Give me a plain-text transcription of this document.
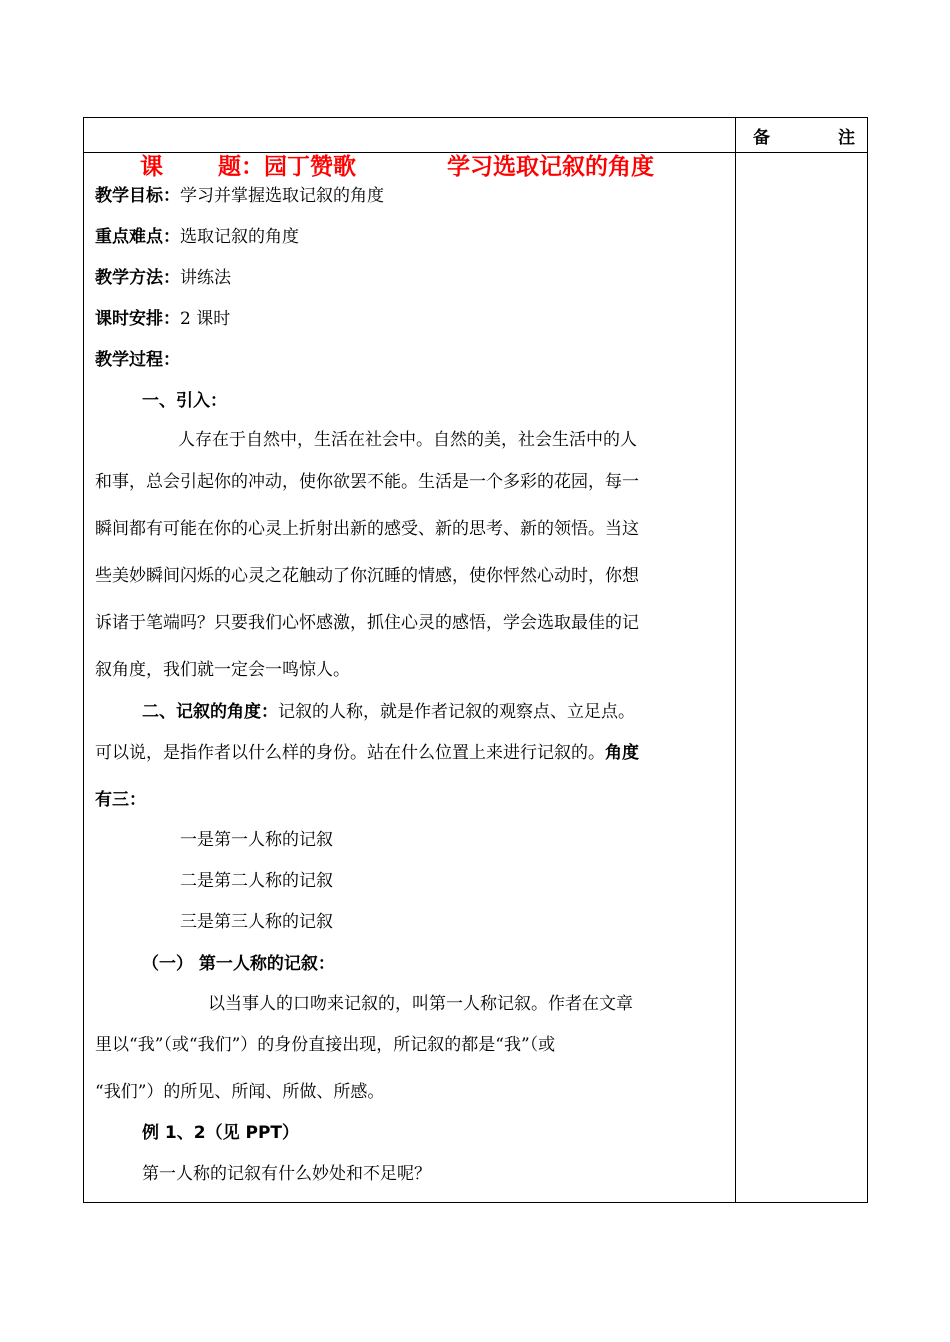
备	注
课 题：园丁赞歌	学习选取记叙的角度
教学目标：学习并掌握选取记叙的角度
重点难点：选取记叙的角度
教学方法：讲练法
课时安排：2 课时
教学过程：
一、引入：
人存在于自然中，生活在社会中。自然的美，社会生活中的人
和事，总会引起你的冲动，使你欲罢不能。生活是一个多彩的花园，每一
瞬间都有可能在你的心灵上折射出新的感受、新的思考、新的领悟。当这
些美妙瞬间闪烁的心灵之花触动了你沉睡的情感，使你怦然心动时，你想
诉诸于笔端吗？只要我们心怀感激，抓住心灵的感悟，学会选取最佳的记
叙角度，我们就一定会一鸣惊人。
二、记叙的角度：记叙的人称，就是作者记叙的观察点、立足点。
可以说，是指作者以什么样的身份。站在什么位置上来进行记叙的。角度
有三：
一是第一人称的记叙
二是第二人称的记叙
三是第三人称的记叙
（一） 第一人称的记叙：
以当事人的口吻来记叙的，叫第一人称记叙。作者在文章
里以“我”（或“我们”）的身份直接出现，所记叙的都是“我”（或
“我们”）的所见、所闻、所做、所感。
例 1、2（见 PPT）
第一人称的记叙有什么妙处和不足呢？
